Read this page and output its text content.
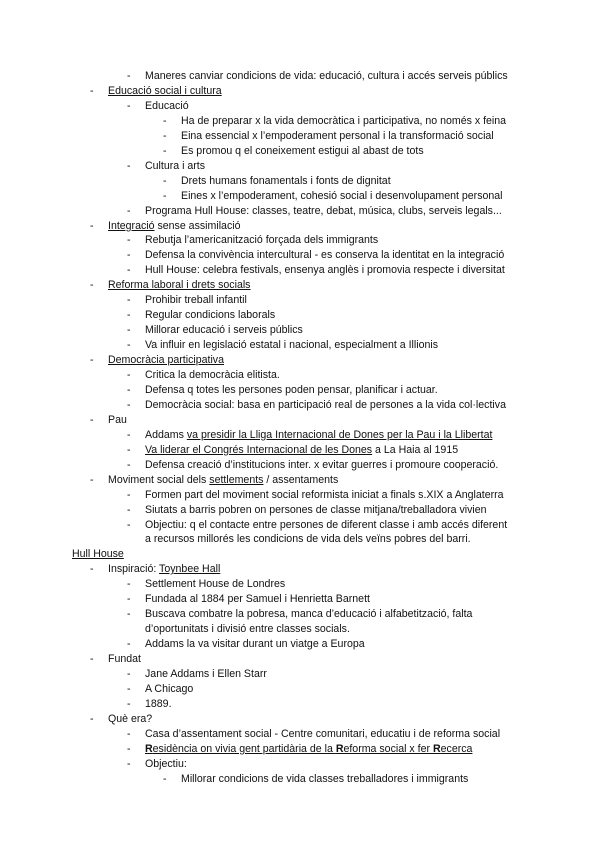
- Maneres canviar condicions de vida: educació, cultura i accés serveis públics
- Educació social i cultura
- Educació
- Ha de preparar x la vida democràtica i participativa, no només x feina
- Eina essencial x l’empoderament personal i la transformació social
- Es promou q el coneixement estigui al abast de tots
- Cultura i arts
- Drets humans fonamentals i fonts de dignitat
- Eines x l’empoderament, cohesió social i desenvolupament personal
- Programa Hull House: classes, teatre, debat, música, clubs, serveis legals...
- Integració sense assimilació
- Rebutja l’americanització forçada dels immigrants
- Defensa la convivència intercultural - es conserva la identitat en la integració
- Hull House: celebra festivals, ensenya anglès i promovia respecte i diversitat
- Reforma laboral i drets socials
- Prohibir treball infantil
- Regular condicions laborals
- Millorar educació i serveis públics
- Va influir en legislació estatal i nacional, especialment a Illionis
- Democràcia participativa
- Critica la democràcia elitista.
- Defensa q totes les persones poden pensar, planificar i actuar.
- Democràcia social: basa en participació real de persones a la vida col·lectiva
- Pau
- Addams va presidir la Lliga Internacional de Dones per la Pau i la Llibertat
- Va liderar el Congrés Internacional de les Dones a La Haia al 1915
- Defensa creació d’institucions inter. x evitar guerres i promoure cooperació.
- Moviment social dels settlements / assentaments
- Formen part del moviment social reformista iniciat a finals s.XIX a Anglaterra
- Siutats a barris pobren on persones de classe mitjana/treballadora vivien
- Objectiu: q el contacte entre persones de diferent classe i amb accés diferent
a recursos millorés les condicions de vida dels veïns pobres del barri.
Hull House
- Inspiració: Toynbee Hall
- Settlement House de Londres
- Fundada al 1884 per Samuel i Henrietta Barnett
- Buscava combatre la pobresa, manca d’educació i alfabetització, falta
d’oportunitats i divisió entre classes socials.
- Addams la va visitar durant un viatge a Europa
- Fundat
- Jane Addams i Ellen Starr
- A Chicago
- 1889.
- Què era?
- Casa d’assentament social - Centre comunitari, educatiu i de reforma social
- Residència on vivia gent partidària de la Reforma social x fer Recerca
- Objectiu:
- Millorar condicions de vida classes treballadores i immigrants
